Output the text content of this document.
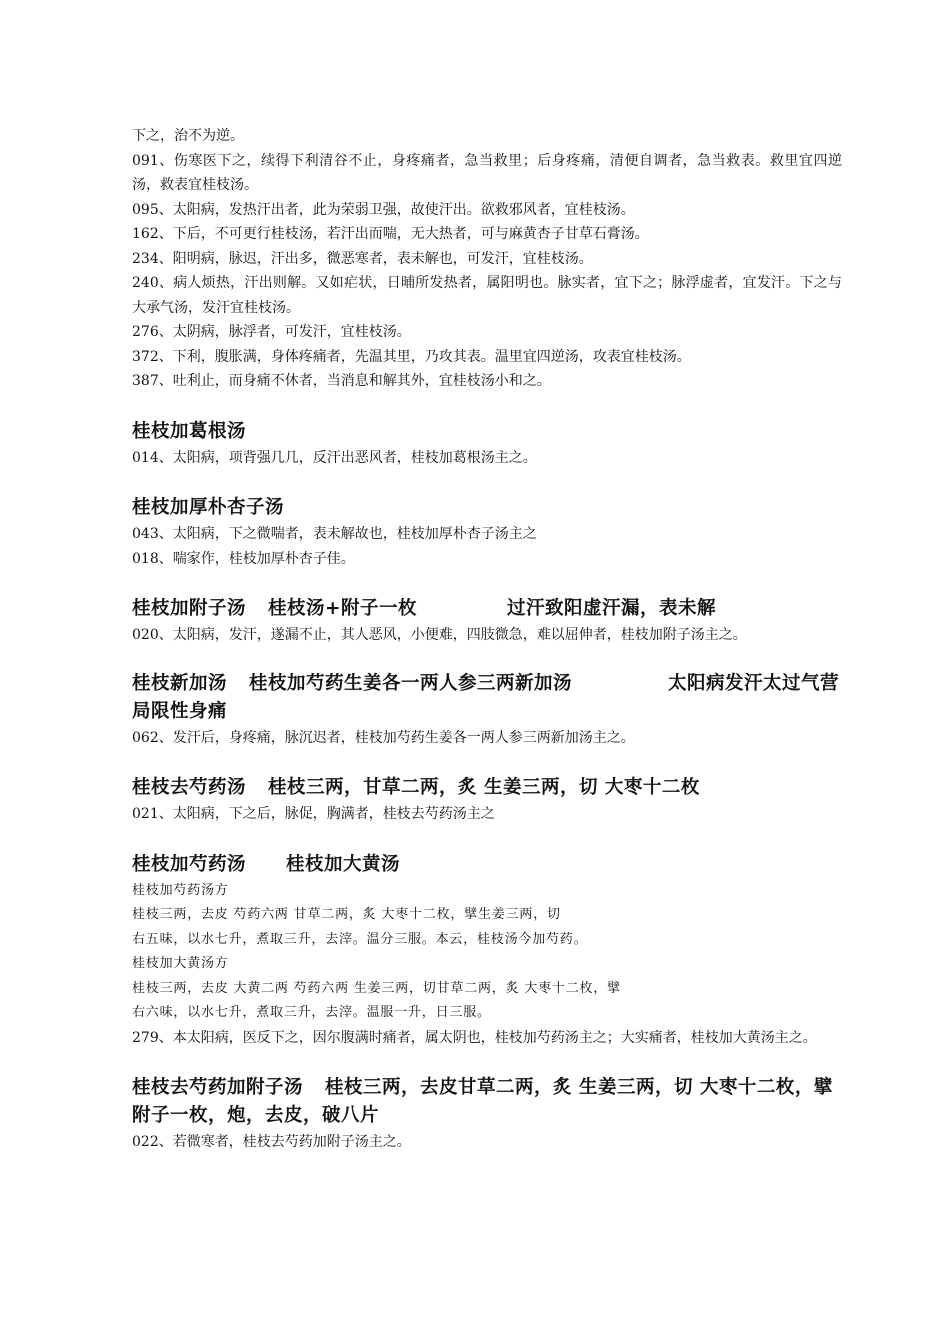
下之，治不为逆。
091、伤寒医下之，续得下利清谷不止，身疼痛者，急当救里；后身疼痛，清便自调者，急当救表。救里宜四逆汤，救表宜桂枝汤。
095、太阳病，发热汗出者，此为荣弱卫强，故使汗出。欲救邪风者，宜桂枝汤。
162、下后，不可更行桂枝汤，若汗出而喘，无大热者，可与麻黄杏子甘草石膏汤。
234、阳明病，脉迟，汗出多，微恶寒者，表未解也，可发汗，宜桂枝汤。
240、病人烦热，汗出则解。又如疟状，日晡所发热者，属阳明也。脉实者，宜下之；脉浮虚者，宜发汗。下之与大承气汤，发汗宜桂枝汤。
276、太阴病，脉浮者，可发汗，宜桂枝汤。
372、下利，腹胀满，身体疼痛者，先温其里，乃攻其表。温里宜四逆汤，攻表宜桂枝汤。
387、吐利止，而身痛不休者，当消息和解其外，宜桂枝汤小和之。
桂枝加葛根汤
014、太阳病，项背强几几，反汗出恶风者，桂枝加葛根汤主之。
桂枝加厚朴杏子汤
043、太阳病，下之微喘者，表未解故也，桂枝加厚朴杏子汤主之
018、喘家作，桂枝加厚朴杏子佳。
桂枝加附子汤 桂枝汤+附子一枚	过汗致阳虚汗漏，表未解
020、太阳病，发汗，遂漏不止，其人恶风，小便难，四肢微急，难以屈伸者，桂枝加附子汤主之。
桂枝新加汤 桂枝加芍药生姜各一两人参三两新加汤	太阳病发汗太过气营局限性身痛
062、发汗后，身疼痛，脉沉迟者，桂枝加芍药生姜各一两人参三两新加汤主之。
桂枝去芍药汤 桂枝三两，甘草二两，炙 生姜三两，切 大枣十二枚
021、太阳病，下之后，脉促，胸满者，桂枝去芍药汤主之
桂枝加芍药汤 桂枝加大黄汤
桂枝加芍药汤方
桂枝三两，去皮 芍药六两 甘草二两，炙 大枣十二枚，擘生姜三两，切
右五味，以水七升，煮取三升，去滓。温分三服。本云，桂枝汤今加芍药。
桂枝加大黄汤方
桂枝三两，去皮 大黄二两 芍药六两 生姜三两，切甘草二两，炙 大枣十二枚，擘
右六味，以水七升，煮取三升，去滓。温服一升，日三服。
279、本太阳病，医反下之，因尔腹满时痛者，属太阴也，桂枝加芍药汤主之；大实痛者，桂枝加大黄汤主之。
桂枝去芍药加附子汤 桂枝三两，去皮甘草二两，炙 生姜三两，切 大枣十二枚，擘 附子一枚，炮，去皮，破八片
022、若微寒者，桂枝去芍药加附子汤主之。
